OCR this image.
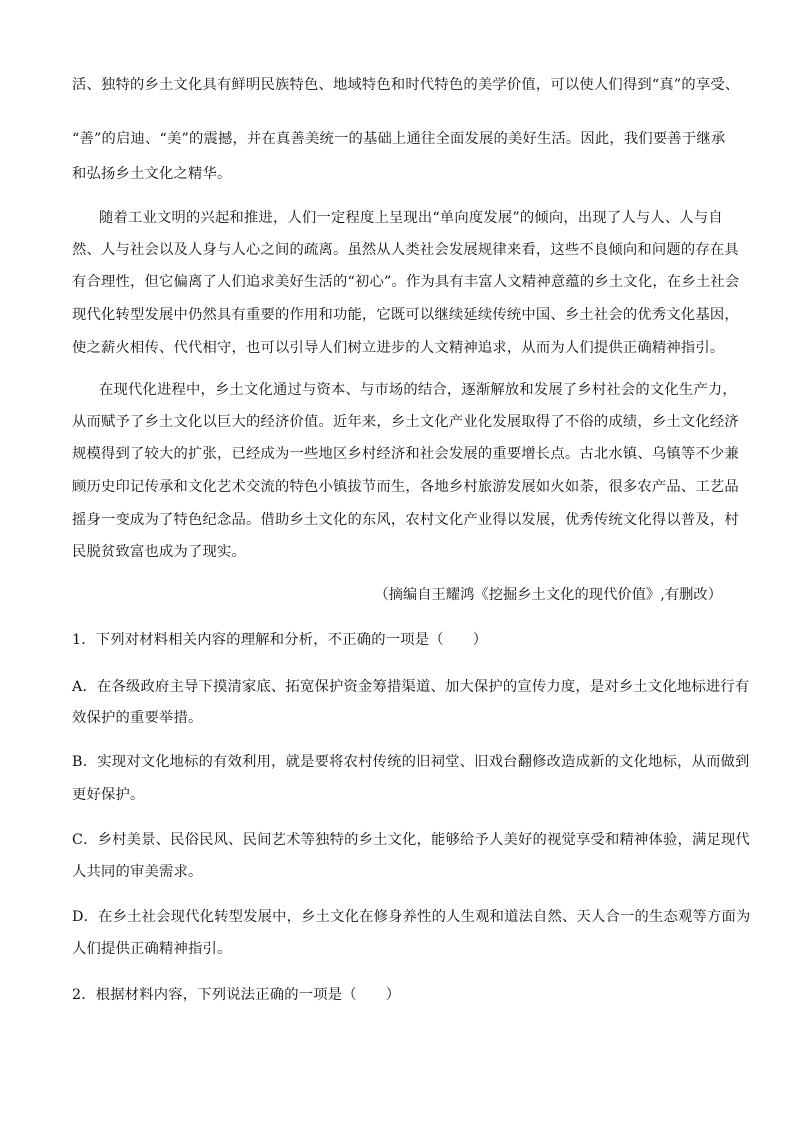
活、独特的乡土文化具有鲜明民族特色、地域特色和时代特色的美学价值，可以使人们得到“真”的享受、
“善”的启迪、“美”的震撼，并在真善美统一的基础上通往全面发展的美好生活。因此，我们要善于继承
和弘扬乡土文化之精华。
随着工业文明的兴起和推进，人们一定程度上呈现出“单向度发展”的倾向，出现了人与人、人与自
然、人与社会以及人身与人心之间的疏离。虽然从人类社会发展规律来看，这些不良倾向和问题的存在具
有合理性，但它偏离了人们追求美好生活的“初心”。作为具有丰富人文精神意蕴的乡土文化，在乡土社会
现代化转型发展中仍然具有重要的作用和功能，它既可以继续延续传统中国、乡土社会的优秀文化基因，
使之薪火相传、代代相守，也可以引导人们树立进步的人文精神追求，从而为人们提供正确精神指引。
在现代化进程中，乡土文化通过与资本、与市场的结合，逐渐解放和发展了乡村社会的文化生产力，
从而赋予了乡土文化以巨大的经济价值。近年来，乡土文化产业化发展取得了不俗的成绩，乡土文化经济
规模得到了较大的扩张，已经成为一些地区乡村经济和社会发展的重要增长点。古北水镇、乌镇等不少兼
顾历史印记传承和文化艺术交流的特色小镇拔节而生，各地乡村旅游发展如火如荼，很多农产品、工艺品
摇身一变成为了特色纪念品。借助乡土文化的东风，农村文化产业得以发展，优秀传统文化得以普及，村
民脱贫致富也成为了现实。
（摘编自王耀鸿《挖掘乡土文化的现代价值》,有删改）
1．下列对材料相关内容的理解和分析，不正确的一项是（　　）
A．在各级政府主导下摸清家底、拓宽保护资金筹措渠道、加大保护的宣传力度，是对乡土文化地标进行有
效保护的重要举措。
B．实现对文化地标的有效利用，就是要将农村传统的旧祠堂、旧戏台翻修改造成新的文化地标，从而做到
更好保护。
C．乡村美景、民俗民风、民间艺术等独特的乡土文化，能够给予人美好的视觉享受和精神体验，满足现代
人共同的审美需求。
D．在乡土社会现代化转型发展中，乡土文化在修身养性的人生观和道法自然、天人合一的生态观等方面为
人们提供正确精神指引。
2．根据材料内容，下列说法正确的一项是（　　）
